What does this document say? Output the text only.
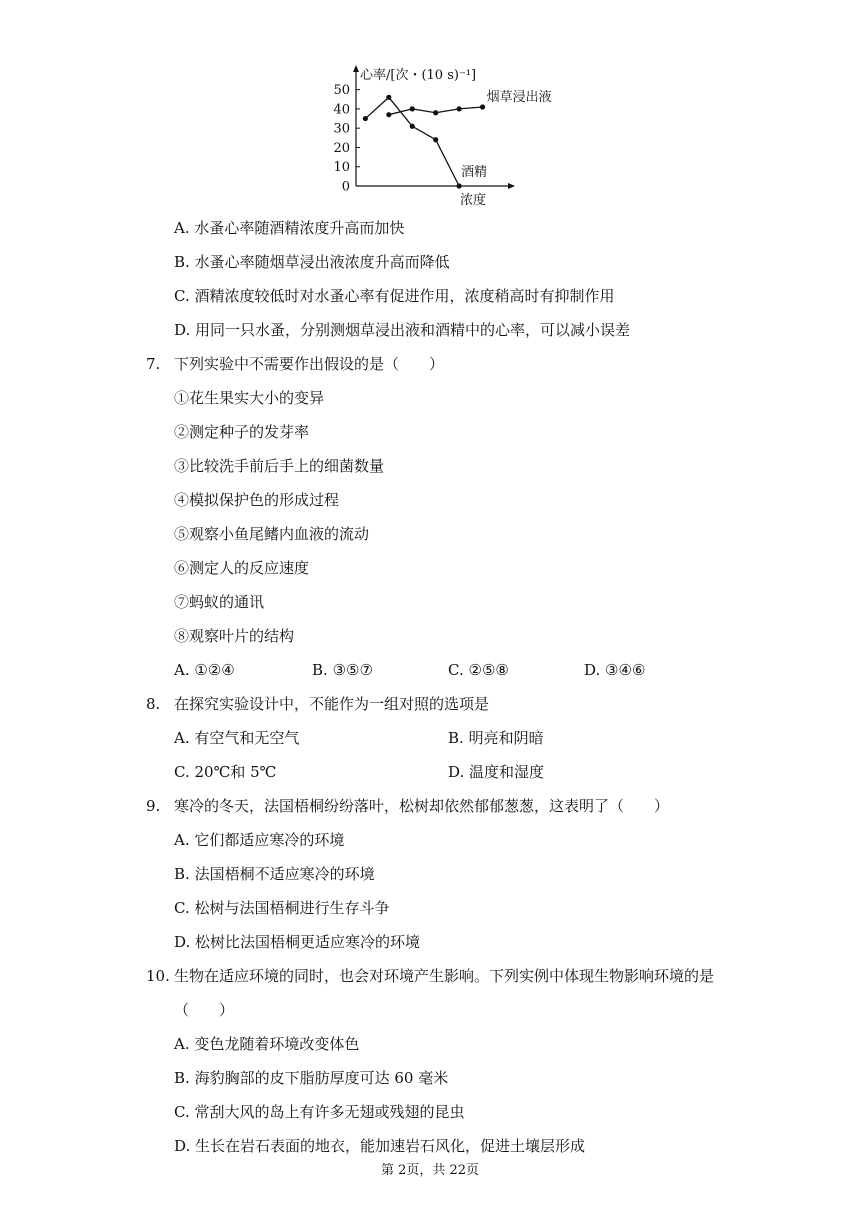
心率/[次・(10 s)⁻¹]
浓度
0
10
20
30
40
50	烟草浸出液
酒精
A. 水蚤心率随酒精浓度升高而加快
B. 水蚤心率随烟草浸出液浓度升高而降低
C. 酒精浓度较低时对水蚤心率有促进作用，浓度稍高时有抑制作用
D. 用同一只水蚤，分别测烟草浸出液和酒精中的心率，可以减小误差
7. 下列实验中不需要作出假设的是（　　）
①花生果实大小的变异
②测定种子的发芽率
③比较洗手前后手上的细菌数量
④模拟保护色的形成过程
⑤观察小鱼尾鳍内血液的流动
⑥测定人的反应速度
⑦蚂蚁的通讯
⑧观察叶片的结构
A. ①②④	B. ③⑤⑦	C. ②⑤⑧	D. ③④⑥
8. 在探究实验设计中，不能作为一组对照的选项是
A. 有空气和无空气	B. 明亮和阴暗
C. 20℃和 5℃	D. 温度和湿度
9. 寒冷的冬天，法国梧桐纷纷落叶，松树却依然郁郁葱葱，这表明了（　　）
A. 它们都适应寒冷的环境
B. 法国梧桐不适应寒冷的环境
C. 松树与法国梧桐进行生存斗争
D. 松树比法国梧桐更适应寒冷的环境
10. 生物在适应环境的同时，也会对环境产生影响。下列实例中体现生物影响环境的是
（　　）
A. 变色龙随着环境改变体色
B. 海豹胸部的皮下脂肪厚度可达 60 毫米
C. 常刮大风的岛上有许多无翅或残翅的昆虫
D. 生长在岩石表面的地衣，能加速岩石风化，促进土壤层形成
第 2页，共 22页
